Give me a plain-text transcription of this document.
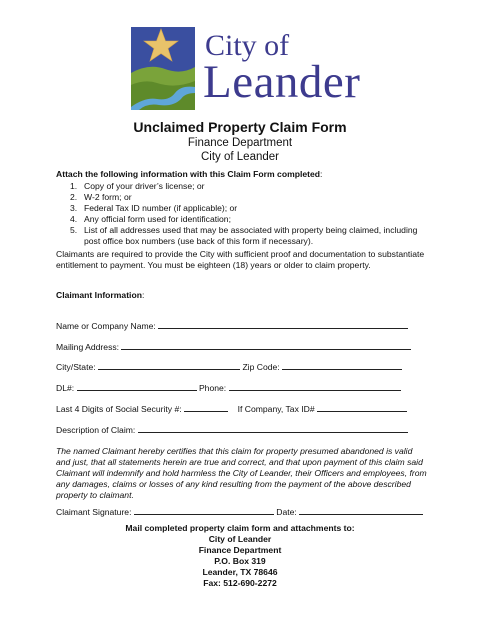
City of
Leander
Unclaimed Property Claim Form
Finance Department
City of Leander
Attach the following information with this Claim Form completed:
1. Copy of your driver’s license; or
2. W-2 form; or
3. Federal Tax ID number (if applicable); or
4. Any official form used for identification;
5. List of all addresses used that may be associated with property being claimed, including post office box numbers (use back of this form if necessary).
Claimants are required to provide the City with sufficient proof and documentation to substantiate entitlement to payment. You must be eighteen (18) years or older to claim property.
Claimant Information:
Name or Company Name:
Mailing Address:
City/State:	Zip Code:
DL#:	Phone:
Last 4 Digits of Social Security #:	If Company, Tax ID#
Description of Claim:
The named Claimant hereby certifies that this claim for property presumed abandoned is valid and just, that all statements herein are true and correct, and that upon payment of this claim said Claimant will indemnify and hold harmless the City of Leander, their Officers and employees, from any damages, claims or losses of any kind resulting from the payment of the above described property to claimant.
Claimant Signature:	Date:
Mail completed property claim form and attachments to:
City of Leander
Finance Department
P.O. Box 319
Leander, TX 78646
Fax: 512-690-2272
